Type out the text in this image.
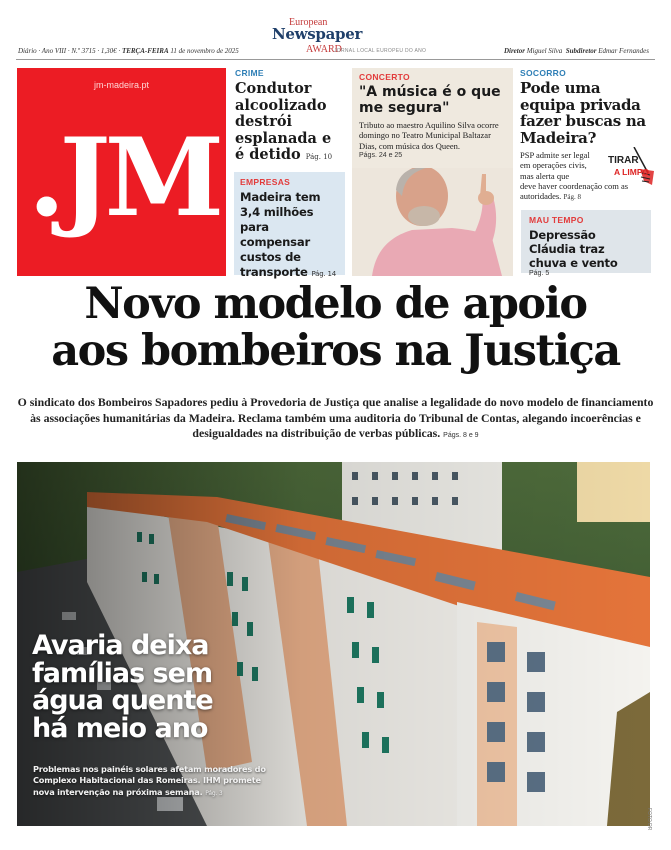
Diário · Ano VIII · N.º 3715 · 1,30€ · TERÇA-FEIRA 11 de novembro de 2025
European
Newspaper
AWARD
JORNAL LOCAL EUROPEU DO ANO	Diretor Miguel Silva Subdiretor Edmar Fernandes
jm-madeira.pt
.JM
CRIME
Condutor alcoolizado destrói esplanada e é detido Pág. 10
EMPRESAS
Madeira tem 3,4 milhões para compensar custos de transporte Pág. 14
CONCERTO
"A música é o que me segura"
Tributo ao maestro Aquilino Silva ocorre domingo no Teatro Municipal Baltazar Dias, com música dos Queen.
Págs. 24 e 25
SOCORRO
Pode uma equipa privada fazer buscas na Madeira?
PSP admite ser legal em operações civis, mas alerta que
deve haver coordenação com as autoridades. Pág. 8
TIRAR
A LIMPO
MAU TEMPO
Depressão Cláudia traz chuva e vento
Pág. 5
Novo modelo de apoio
aos bombeiros na Justiça
O sindicato dos Bombeiros Sapadores pediu à Provedoria de Justiça que analise a legalidade do novo modelo de financiamento às associações humanitárias da Madeira. Reclama também uma auditoria do Tribunal de Contas, alegando incoerências e desigualdades na distribuição de verbas públicas. Págs. 8 e 9
Avaria deixa
famílias sem
água quente
há meio ano
Problemas nos painéis solares afetam moradores do Complexo Habitacional das Romeiras. IHM promete nova intervenção na próxima semana. Pág. 3
FOTO DR
